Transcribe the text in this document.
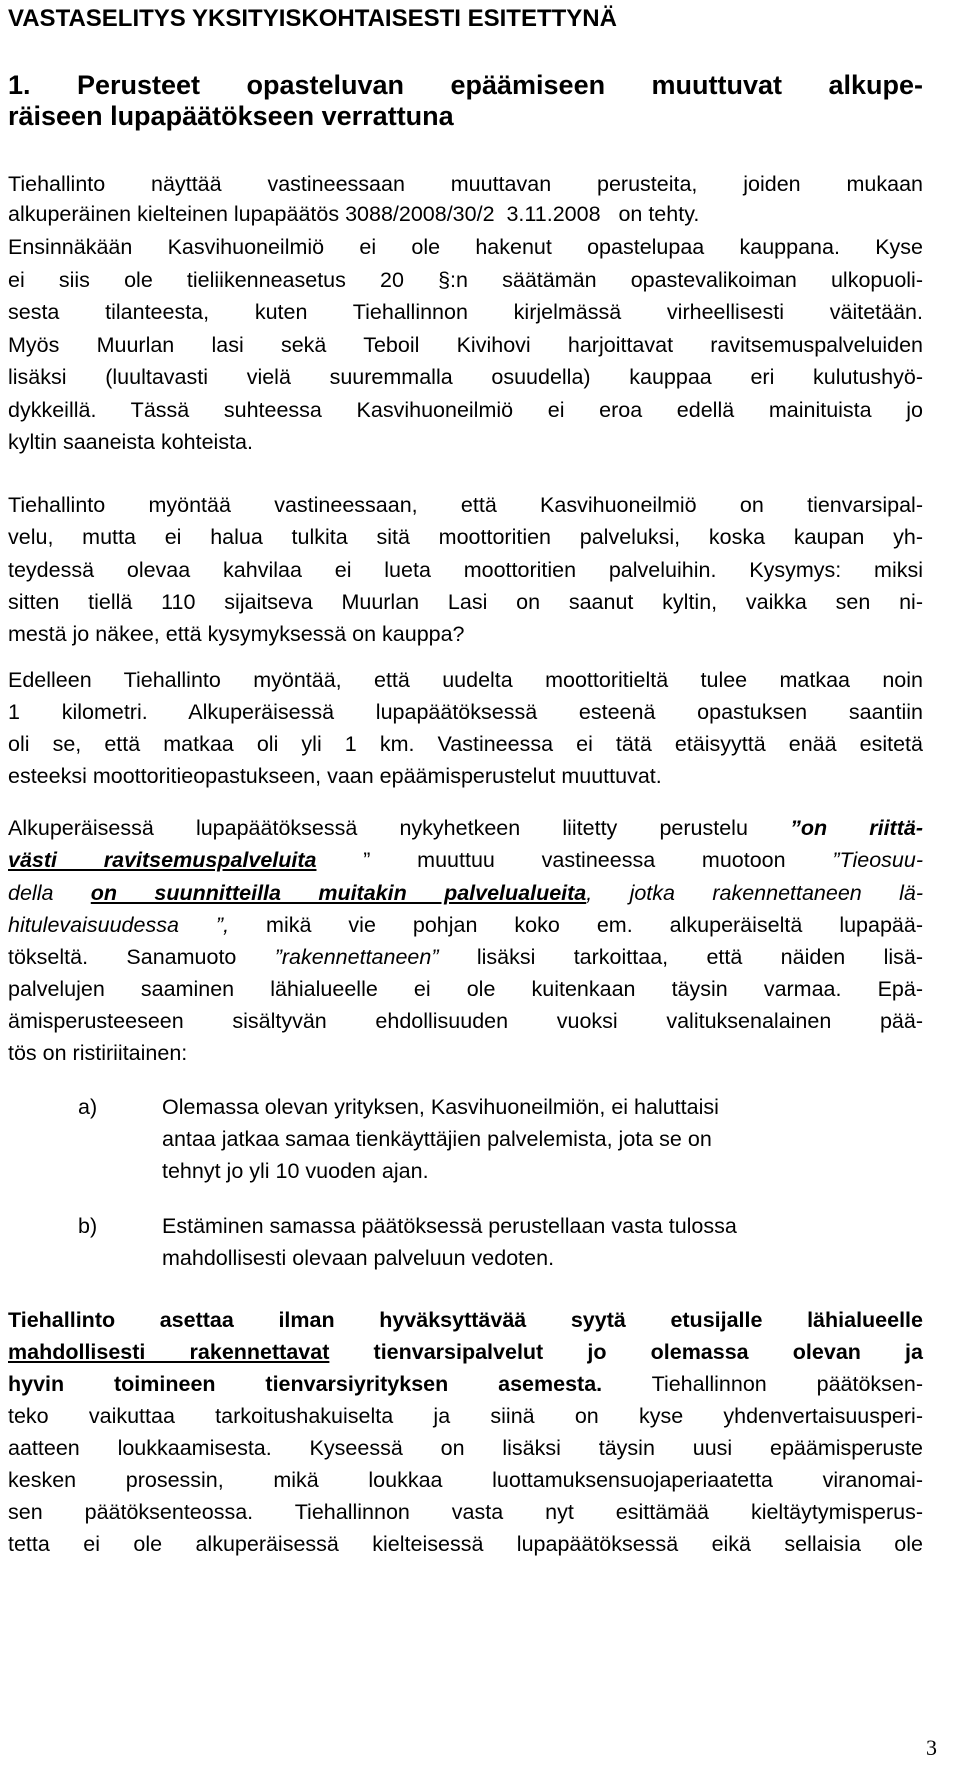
VASTASELITYS YKSITYISKOHTAISESTI ESITETTYNÄ
1. Perusteet opasteluvan epäämiseen muuttuvat alkupe-
räiseen lupapäätökseen verrattuna
Tiehallinto näyttää vastineessaan muuttavan perusteita, joiden mukaan
alkuperäinen kielteinen lupapäätös 3088/2008/30/2  3.11.2008   on tehty.
Ensinnäkään Kasvihuoneilmiö ei ole hakenut opastelupaa kauppana. Kyse
ei siis ole tieliikenneasetus 20 §:n säätämän opastevalikoiman ulkopuoli-
sesta tilanteesta, kuten Tiehallinnon kirjelmässä virheellisesti väitetään.
Myös Muurlan lasi sekä Teboil Kivihovi harjoittavat ravitsemuspalveluiden
lisäksi (luultavasti vielä suuremmalla osuudella) kauppaa eri kulutushyö-
dykkeillä. Tässä suhteessa Kasvihuoneilmiö ei eroa edellä mainituista jo
kyltin saaneista kohteista.
Tiehallinto myöntää vastineessaan, että Kasvihuoneilmiö on tienvarsipal-
velu, mutta ei halua tulkita sitä moottoritien palveluksi, koska kaupan yh-
teydessä olevaa kahvilaa ei lueta moottoritien palveluihin. Kysymys: miksi
sitten tiellä 110 sijaitseva Muurlan Lasi on saanut kyltin, vaikka sen ni-
mestä jo näkee, että kysymyksessä on kauppa?
Edelleen Tiehallinto myöntää, että uudelta moottoritieltä tulee matkaa noin
1 kilometri. Alkuperäisessä lupapäätöksessä esteenä opastuksen saantiin
oli se, että matkaa oli yli 1 km. Vastineessa ei tätä etäisyyttä enää esitetä
esteeksi moottoritieopastukseen, vaan epäämisperustelut muuttuvat.
Alkuperäisessä lupapäätöksessä nykyhetkeen liitetty perustelu ”on riittä-
västi ravitsemuspalveluita ” muuttuu vastineessa muotoon ”Tieosuu-
della on suunnitteilla muitakin palvelualueita, jotka rakennettaneen lä-
hitulevaisuudessa ”, mikä vie pohjan koko em. alkuperäiseltä lupapää-
tökseltä. Sanamuoto ”rakennettaneen” lisäksi tarkoittaa, että näiden lisä-
palvelujen saaminen lähialueelle ei ole kuitenkaan täysin varmaa. Epä-
ämisperusteeseen sisältyvän ehdollisuuden vuoksi valituksenalainen pää-
tös on ristiriitainen:
a)	Olemassa olevan yrityksen, Kasvihuoneilmiön, ei haluttaisi
antaa jatkaa samaa tienkäyttäjien palvelemista, jota se on
tehnyt jo yli 10 vuoden ajan.
b)	Estäminen samassa päätöksessä perustellaan vasta tulossa
mahdollisesti olevaan palveluun vedoten.
Tiehallinto asettaa ilman hyväksyttävää syytä etusijalle lähialueelle
mahdollisesti rakennettavat tienvarsipalvelut jo olemassa olevan ja
hyvin toimineen tienvarsiyrityksen asemesta. Tiehallinnon päätöksen-
teko vaikuttaa tarkoitushakuiselta ja siinä on kyse yhdenvertaisuusperi-
aatteen loukkaamisesta. Kyseessä on lisäksi täysin uusi epäämisperuste
kesken prosessin, mikä loukkaa luottamuksensuojaperiaatetta viranomai-
sen päätöksenteossa. Tiehallinnon vasta nyt esittämää kieltäytymisperus-
tetta ei ole alkuperäisessä kielteisessä lupapäätöksessä eikä sellaisia ole
3
